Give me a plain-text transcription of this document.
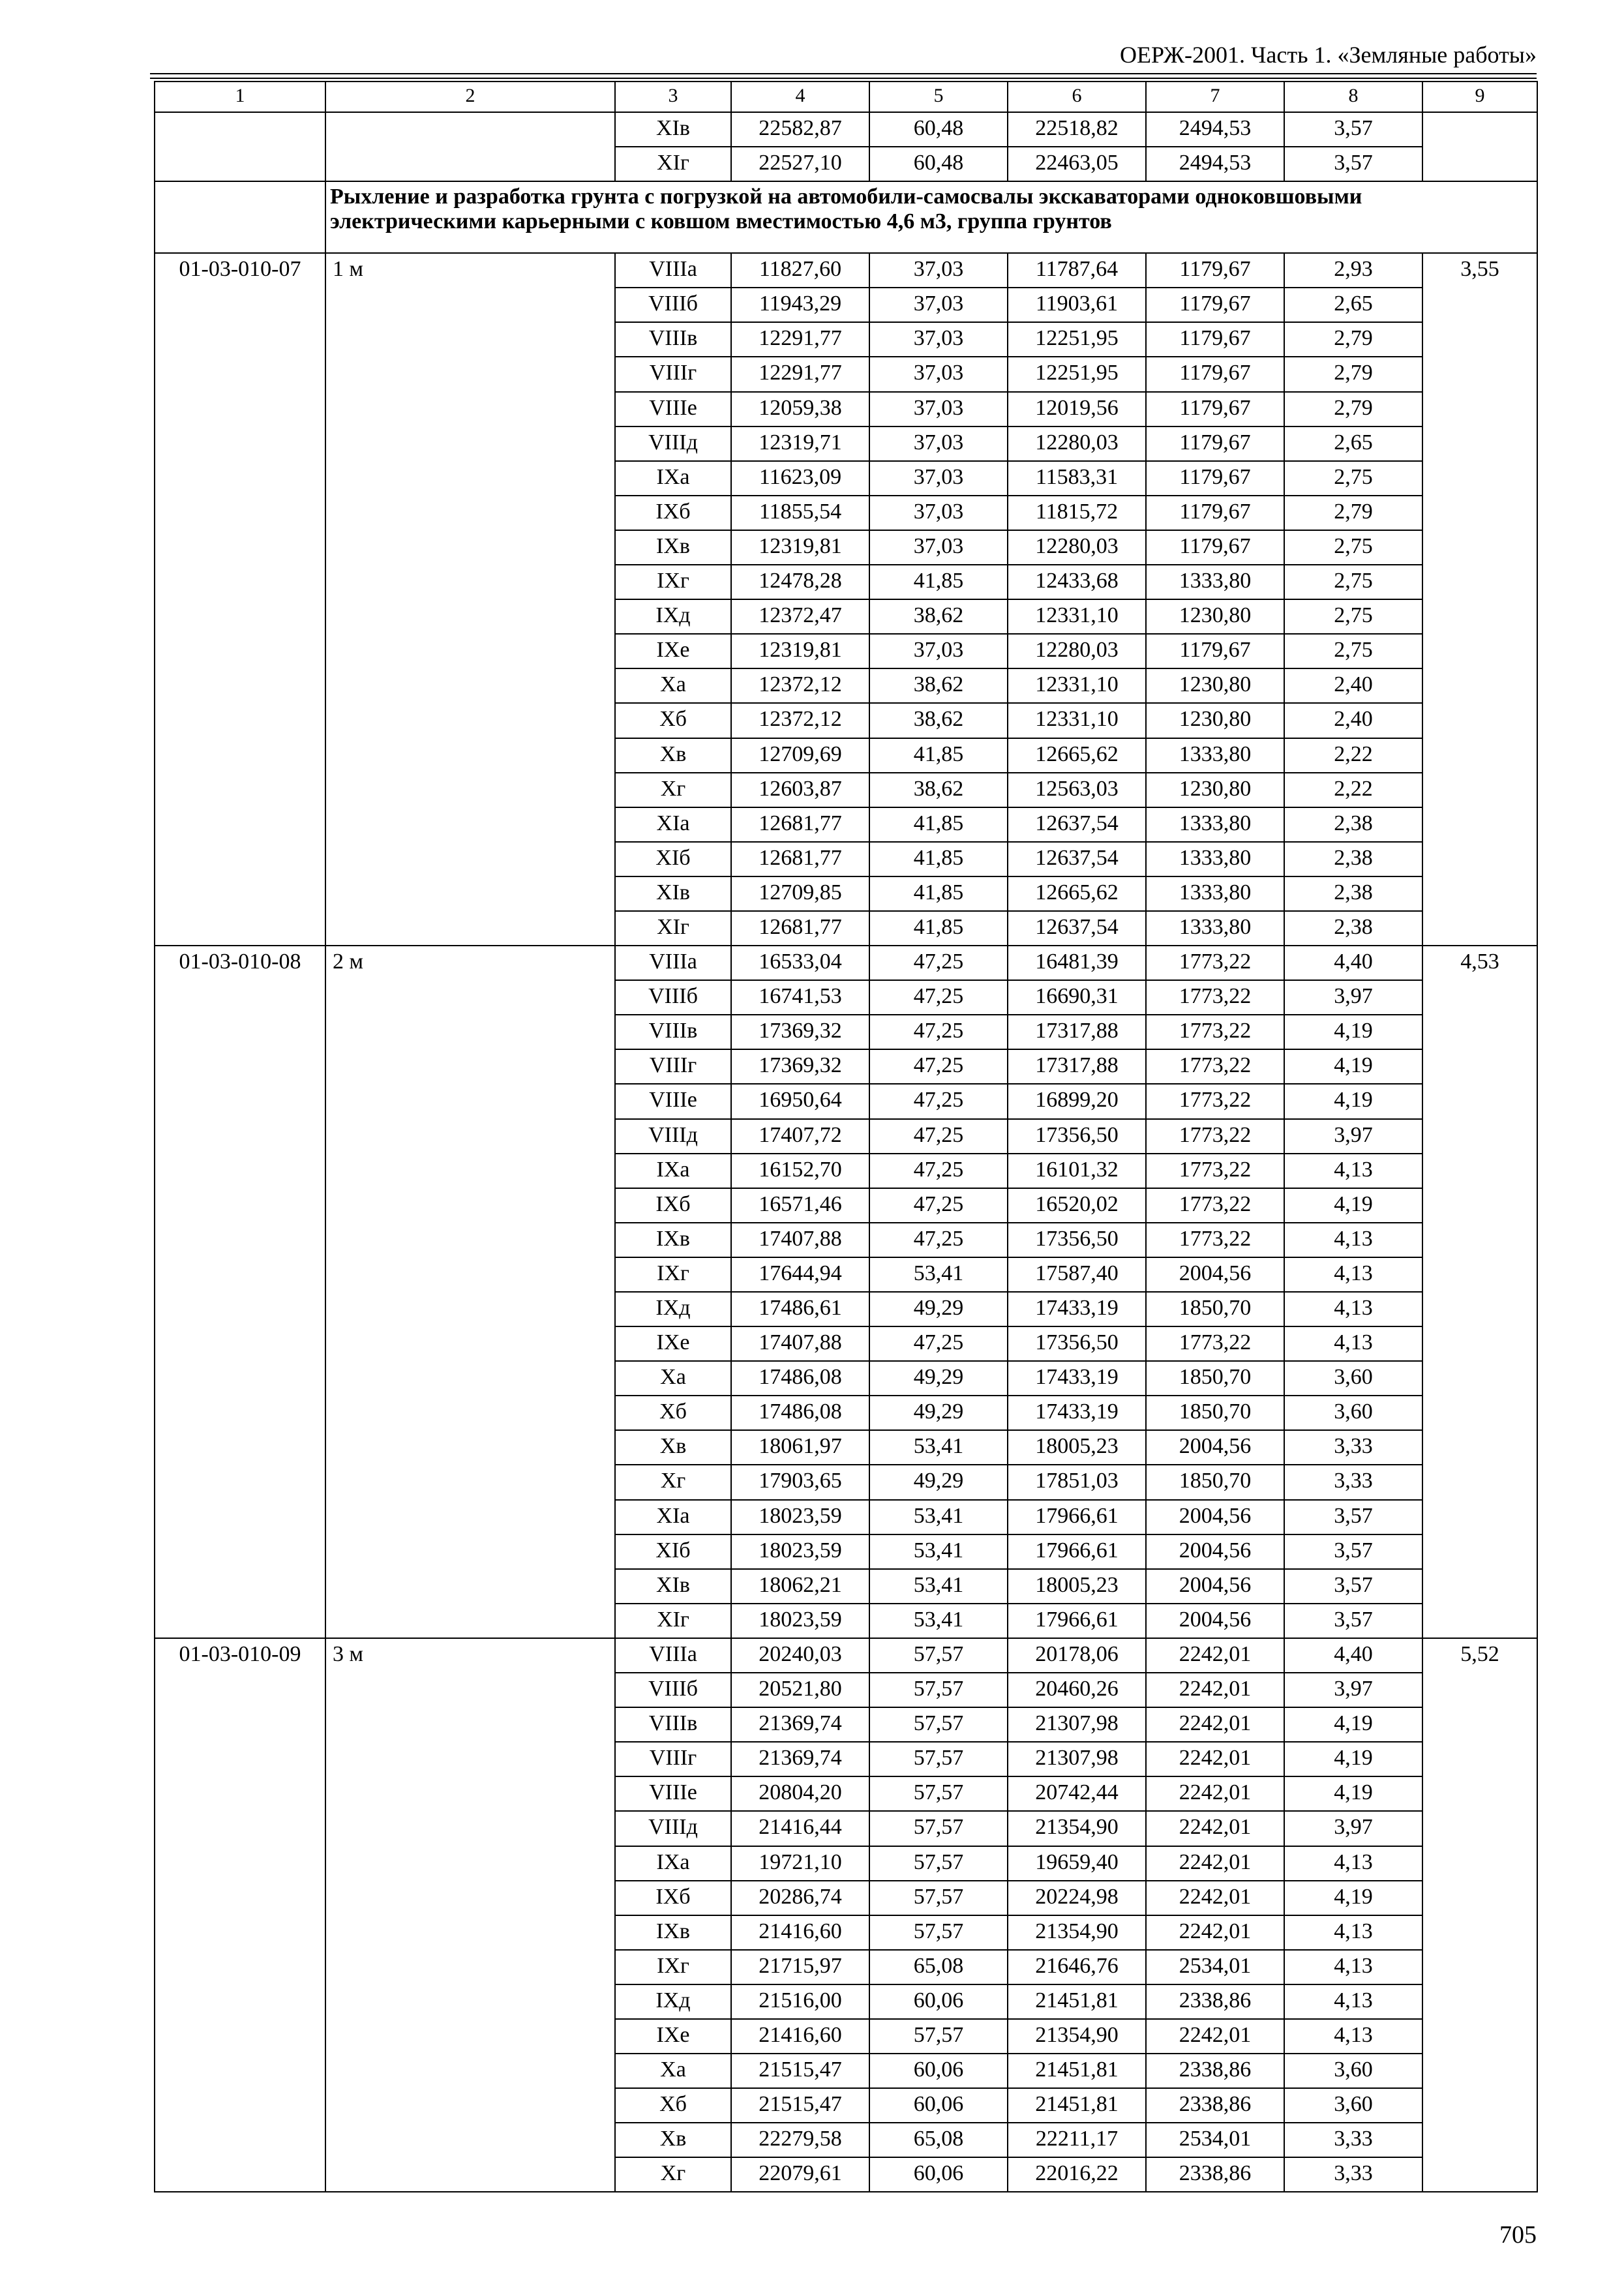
ОЕРЖ-2001. Часть 1. «Земляные работы»
1	2	3	4	5	6	7	8	9
		XIв	22582,87	60,48	22518,82	2494,53	3,57	
		XIг	22527,10	60,48	22463,05	2494,53	3,57	
	Рыхление и разработка грунта с погрузкой на автомобили-самосвалы экскаваторами одноковшовыми электрическими карьерными с ковшом вместимостью 4,6 м3, группа грунтов							
01-03-010-07	1 м	VIIIа	11827,60	37,03	11787,64	1179,67	2,93	3,55
		VIIIб	11943,29	37,03	11903,61	1179,67	2,65	
		VIIIв	12291,77	37,03	12251,95	1179,67	2,79	
		VIIIг	12291,77	37,03	12251,95	1179,67	2,79	
		VIIIе	12059,38	37,03	12019,56	1179,67	2,79	
		VIIIд	12319,71	37,03	12280,03	1179,67	2,65	
		IXа	11623,09	37,03	11583,31	1179,67	2,75	
		IXб	11855,54	37,03	11815,72	1179,67	2,79	
		IXв	12319,81	37,03	12280,03	1179,67	2,75	
		IXг	12478,28	41,85	12433,68	1333,80	2,75	
		IXд	12372,47	38,62	12331,10	1230,80	2,75	
		IXе	12319,81	37,03	12280,03	1179,67	2,75	
		Xа	12372,12	38,62	12331,10	1230,80	2,40	
		Xб	12372,12	38,62	12331,10	1230,80	2,40	
		Xв	12709,69	41,85	12665,62	1333,80	2,22	
		Xг	12603,87	38,62	12563,03	1230,80	2,22	
		XIа	12681,77	41,85	12637,54	1333,80	2,38	
		XIб	12681,77	41,85	12637,54	1333,80	2,38	
		XIв	12709,85	41,85	12665,62	1333,80	2,38	
		XIг	12681,77	41,85	12637,54	1333,80	2,38	
01-03-010-08	2 м	VIIIа	16533,04	47,25	16481,39	1773,22	4,40	4,53
		VIIIб	16741,53	47,25	16690,31	1773,22	3,97	
		VIIIв	17369,32	47,25	17317,88	1773,22	4,19	
		VIIIг	17369,32	47,25	17317,88	1773,22	4,19	
		VIIIе	16950,64	47,25	16899,20	1773,22	4,19	
		VIIIд	17407,72	47,25	17356,50	1773,22	3,97	
		IXа	16152,70	47,25	16101,32	1773,22	4,13	
		IXб	16571,46	47,25	16520,02	1773,22	4,19	
		IXв	17407,88	47,25	17356,50	1773,22	4,13	
		IXг	17644,94	53,41	17587,40	2004,56	4,13	
		IXд	17486,61	49,29	17433,19	1850,70	4,13	
		IXе	17407,88	47,25	17356,50	1773,22	4,13	
		Xа	17486,08	49,29	17433,19	1850,70	3,60	
		Xб	17486,08	49,29	17433,19	1850,70	3,60	
		Xв	18061,97	53,41	18005,23	2004,56	3,33	
		Xг	17903,65	49,29	17851,03	1850,70	3,33	
		XIа	18023,59	53,41	17966,61	2004,56	3,57	
		XIб	18023,59	53,41	17966,61	2004,56	3,57	
		XIв	18062,21	53,41	18005,23	2004,56	3,57	
		XIг	18023,59	53,41	17966,61	2004,56	3,57	
01-03-010-09	3 м	VIIIа	20240,03	57,57	20178,06	2242,01	4,40	5,52
		VIIIб	20521,80	57,57	20460,26	2242,01	3,97	
		VIIIв	21369,74	57,57	21307,98	2242,01	4,19	
		VIIIг	21369,74	57,57	21307,98	2242,01	4,19	
		VIIIе	20804,20	57,57	20742,44	2242,01	4,19	
		VIIIд	21416,44	57,57	21354,90	2242,01	3,97	
		IXа	19721,10	57,57	19659,40	2242,01	4,13	
		IXб	20286,74	57,57	20224,98	2242,01	4,19	
		IXв	21416,60	57,57	21354,90	2242,01	4,13	
		IXг	21715,97	65,08	21646,76	2534,01	4,13	
		IXд	21516,00	60,06	21451,81	2338,86	4,13	
		IXе	21416,60	57,57	21354,90	2242,01	4,13	
		Xа	21515,47	60,06	21451,81	2338,86	3,60	
		Xб	21515,47	60,06	21451,81	2338,86	3,60	
		Xв	22279,58	65,08	22211,17	2534,01	3,33	
		Xг	22079,61	60,06	22016,22	2338,86	3,33	
705
